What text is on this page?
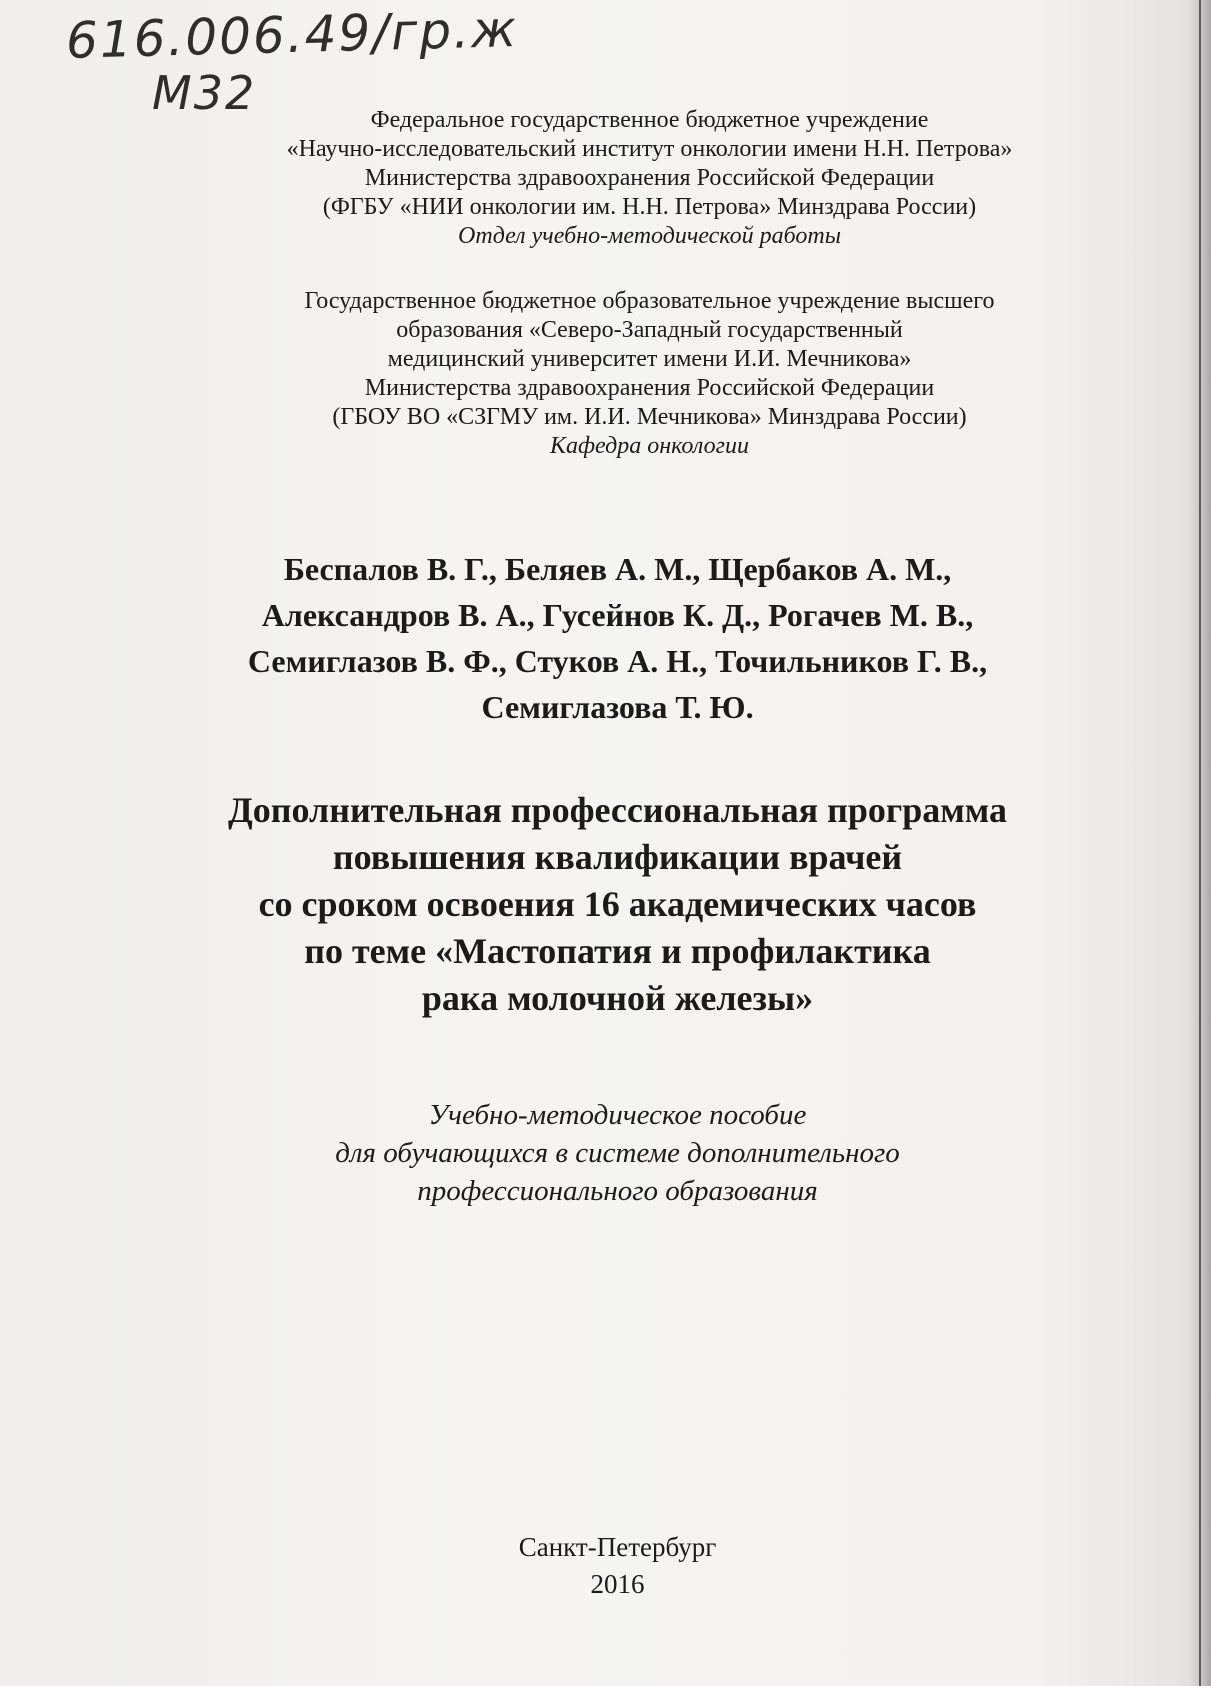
616.006.49/гр.ж
М32	Федеральное государственное бюджетное учреждение
«Научно-исследовательский институт онкологии имени Н.Н. Петрова»
Министерства здравоохранения Российской Федерации
(ФГБУ «НИИ онкологии им. Н.Н. Петрова» Минздрава России)
Отдел учебно-методической работы
Государственное бюджетное образовательное учреждение высшего
образования «Северо-Западный государственный
медицинский университет имени И.И. Мечникова»
Министерства здравоохранения Российской Федерации
(ГБОУ ВО «СЗГМУ им. И.И. Мечникова» Минздрава России)
Кафедра онкологии
Беспалов В. Г., Беляев А. М., Щербаков А. М.,
Александров В. А., Гусейнов К. Д., Рогачев М. В.,
Семиглазов В. Ф., Стуков А. Н., Точильников Г. В.,
Семиглазова Т. Ю.
Дополнительная профессиональная программа
повышения квалификации врачей
со сроком освоения 16 академических часов
по теме «Мастопатия и профилактика
рака молочной железы»
Учебно-методическое пособие
для обучающихся в системе дополнительного
профессионального образования
Санкт-Петербург
2016
